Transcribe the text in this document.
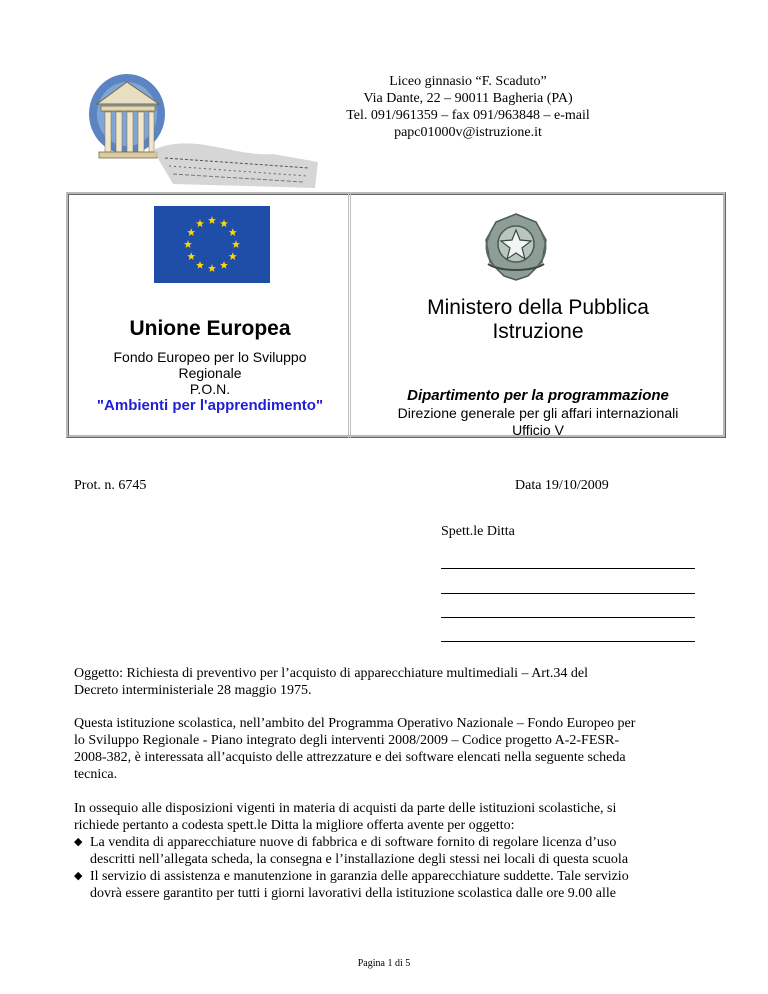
Liceo ginnasio “F. Scaduto”
Via Dante, 22 – 90011 Bagheria (PA)
Tel. 091/961359 – fax 091/963848 – e-mail
papc01000v@istruzione.it
Unione Europea
Fondo Europeo per lo Sviluppo
Regionale
P.O.N.
"Ambienti per l'apprendimento"
Ministero della Pubblica
Istruzione
Dipartimento per la programmazione
Direzione generale per gli affari internazionali
Ufficio V
Prot. n. 6745	Data 19/10/2009
Spett.le Ditta
Oggetto: Richiesta di preventivo per l’acquisto di apparecchiature multimediali – Art.34 del
Decreto interministeriale 28 maggio 1975.
Questa istituzione scolastica, nell’ambito del Programma Operativo Nazionale – Fondo Europeo per
lo Sviluppo Regionale - Piano integrato degli interventi 2008/2009 – Codice progetto A-2-FESR-
2008-382, è interessata all’acquisto delle attrezzature e dei software elencati nella seguente scheda
tecnica.
In ossequio alle disposizioni vigenti in materia di acquisti da parte delle istituzioni scolastiche, si
richiede pertanto a codesta spett.le Ditta la migliore offerta avente per oggetto:
◆ La vendita di apparecchiature nuove di fabbrica e di software fornito di regolare licenza d’uso
descritti nell’allegata scheda, la consegna e l’installazione degli stessi nei locali di questa scuola
◆ Il servizio di assistenza e manutenzione in garanzia delle apparecchiature suddette. Tale servizio
dovrà essere garantito per tutti i giorni lavorativi della istituzione scolastica dalle ore 9.00 alle
Pagina 1 di 5
